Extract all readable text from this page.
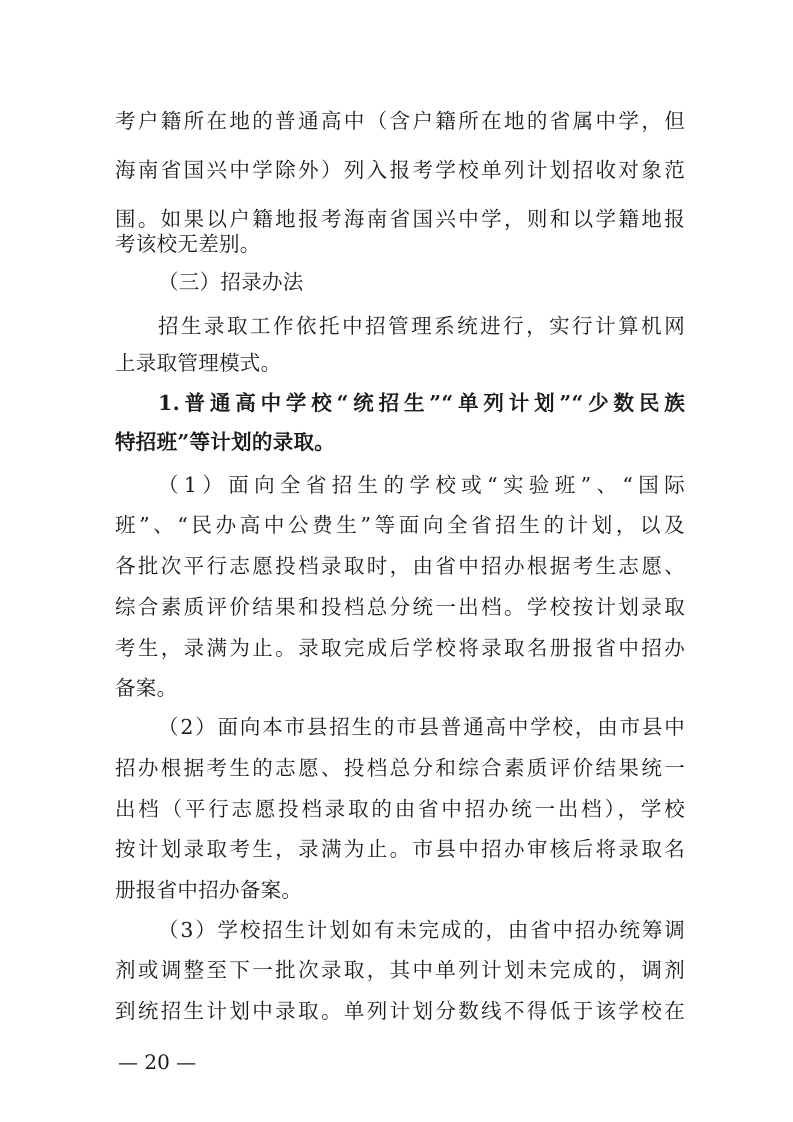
考户籍所在地的普通高中（含户籍所在地的省属中学，但
海南省国兴中学除外）列入报考学校单列计划招收对象范
围。如果以户籍地报考海南省国兴中学，则和以学籍地报
考该校无差别。
（三）招录办法
招生录取工作依托中招管理系统进行，实行计算机网
上录取管理模式。
1.普通高中学校“统招生”“单列计划”“少数民族
特招班”等计划的录取。
（1）面向全省招生的学校或“实验班”、“国际
班”、“民办高中公费生”等面向全省招生的计划，以及
各批次平行志愿投档录取时，由省中招办根据考生志愿、
综合素质评价结果和投档总分统一出档。学校按计划录取
考生，录满为止。录取完成后学校将录取名册报省中招办
备案。
（2）面向本市县招生的市县普通高中学校，由市县中
招办根据考生的志愿、投档总分和综合素质评价结果统一
出档（平行志愿投档录取的由省中招办统一出档），学校
按计划录取考生，录满为止。市县中招办审核后将录取名
册报省中招办备案。
（3）学校招生计划如有未完成的，由省中招办统筹调
剂或调整至下一批次录取，其中单列计划未完成的，调剂
到统招生计划中录取。单列计划分数线不得低于该学校在
— 20 —
